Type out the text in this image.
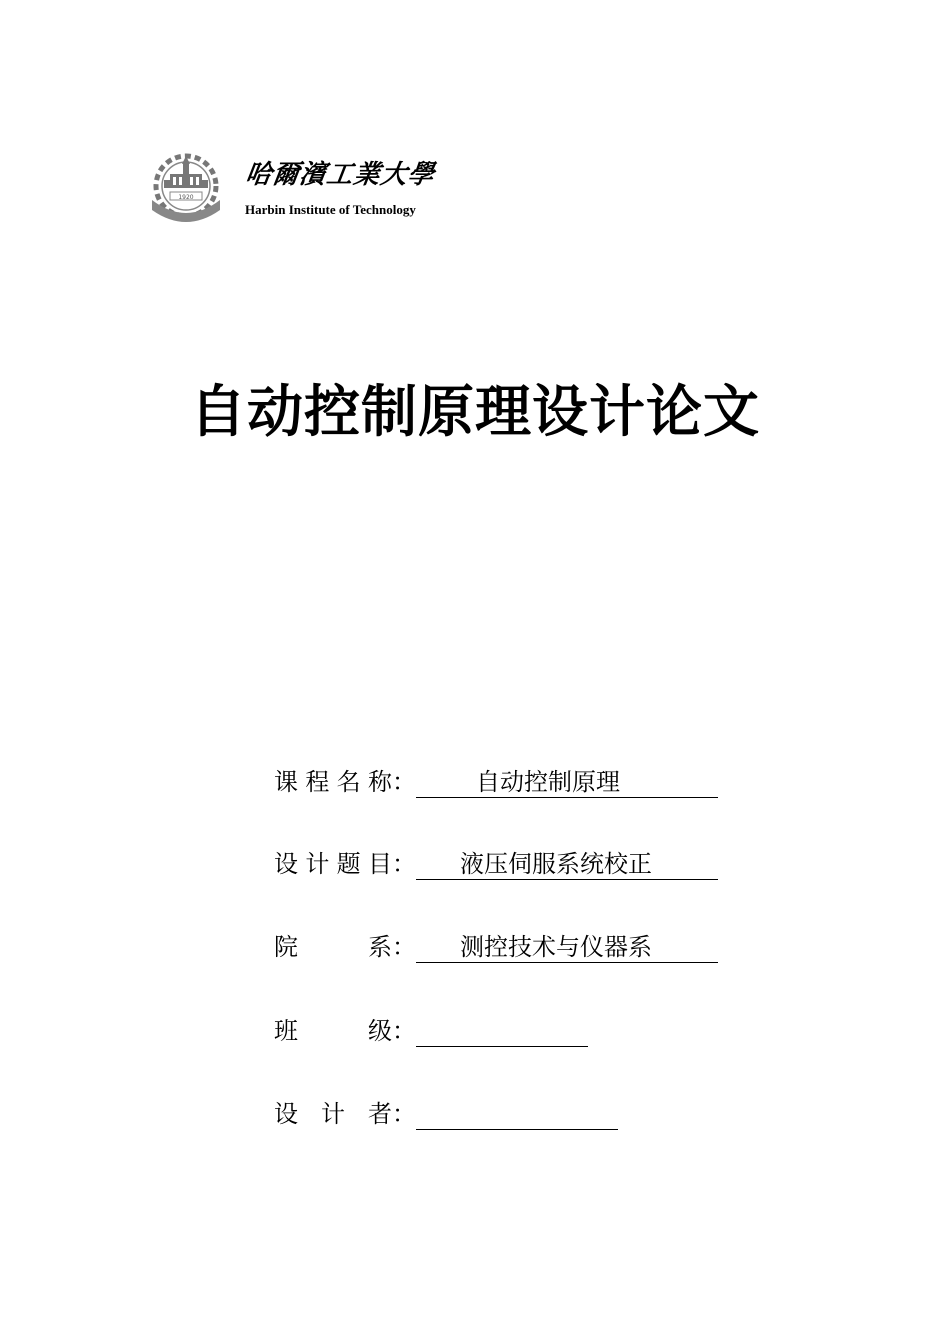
1920
哈爾濱工業大學
Harbin Institute of Technology
自动控制原理设计论文
课 程 名 称 ：	自动控制原理
设 计 题 目 ： 液压伺服系统校正
院	系 ： 测控技术与仪器系
班	级 ：
设 计 者 ：
